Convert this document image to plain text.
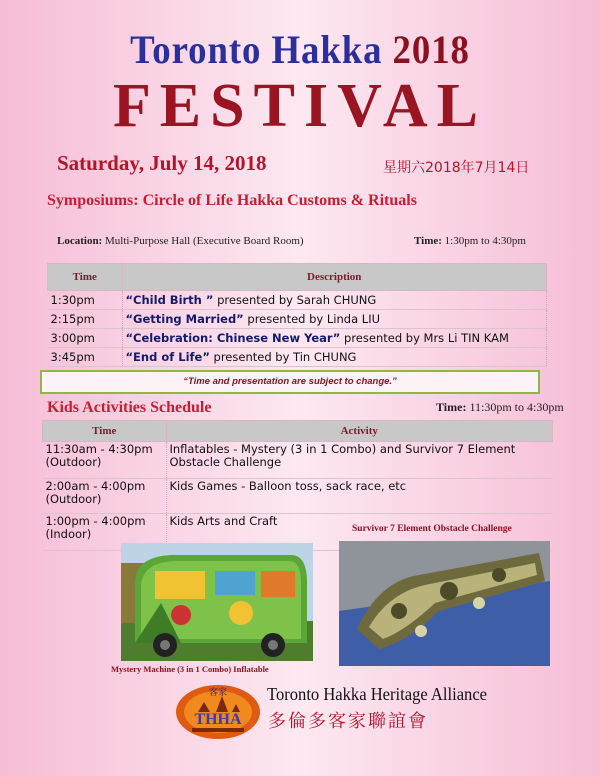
Toronto Hakka 2018
FESTIVAL
Saturday, July 14, 2018	星期六2018年7月14日
Symposiums: Circle of Life Hakka Customs & Rituals
Location: Multi-Purpose Hall (Executive Board Room)	Time: 1:30pm to 4:30pm
Time	Description
1:30pm	“Child Birth ” presented by Sarah CHUNG
2:15pm	“Getting Married” presented by Linda LIU
3:00pm	“Celebration: Chinese New Year” presented by Mrs Li TIN KAM
3:45pm	“End of Life” presented by Tin CHUNG
“Time and presentation are subject to change.”
Kids Activities Schedule	Time: 11:30pm to 4:30pm
Time	Activity
11:30am - 4:30pm
(Outdoor)	Inflatables - Mystery (3 in 1 Combo) and Survivor 7 Element Obstacle Challenge
2:00am - 4:00pm
(Outdoor)	Kids Games - Balloon toss, sack race, etc
1:00pm - 4:00pm
(Indoor)	Kids Arts and Craft
Survivor 7 Element Obstacle Challenge
Mystery Machine (3 in 1 Combo) Inflatable
客家
THHA
Toronto Hakka Heritage Alliance
多倫多客家聯誼會
